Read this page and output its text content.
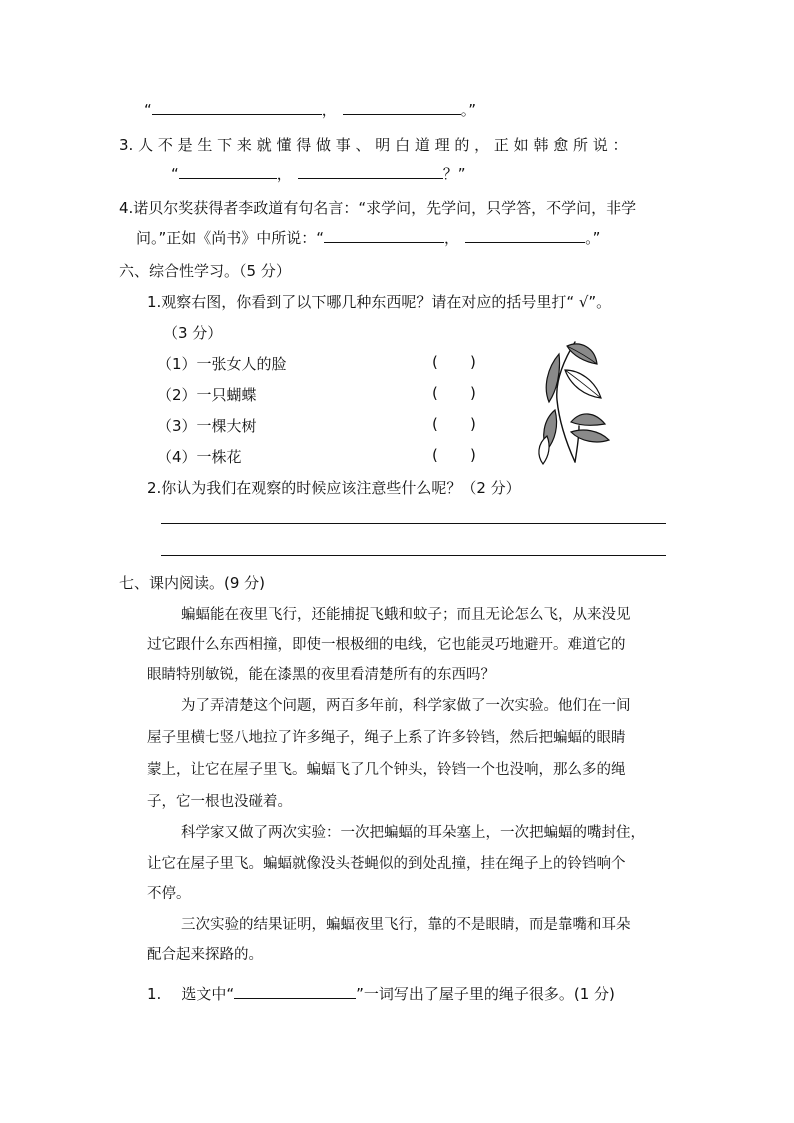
“	，	。”
3. 人 不 是 生 下 来 就 懂 得 做 事 、 明 白 道 理 的 ， 正 如 韩 愈 所 说 ：
“	，	？”
4.诺贝尔奖获得者李政道有句名言：“求学问，先学问，只学答，不学问，非学
问。”正如《尚书》中所说：“	，	。”
六、综合性学习。（5 分）
1.观察右图，你看到了以下哪几种东西呢？请在对应的括号里打“ √”。
（3 分）
（1）一张女人的脸	( )
（2）一只蝴蝶	( )
（3）一棵大树	( )
（4）一株花	( )
2.你认为我们在观察的时候应该注意些什么呢？（2 分）
七、课内阅读。(9 分)
蝙蝠能在夜里飞行，还能捕捉飞蛾和蚊子；而且无论怎么飞，从来没见
过它跟什么东西相撞，即使一根极细的电线，它也能灵巧地避开。难道它的
眼睛特别敏锐，能在漆黑的夜里看清楚所有的东西吗？
为了弄清楚这个问题，两百多年前，科学家做了一次实验。他们在一间
屋子里横七竖八地拉了许多绳子，绳子上系了许多铃铛，然后把蝙蝠的眼睛
蒙上，让它在屋子里飞。蝙蝠飞了几个钟头，铃铛一个也没响，那么多的绳
子，它一根也没碰着。
科学家又做了两次实验：一次把蝙蝠的耳朵塞上，一次把蝙蝠的嘴封住，
让它在屋子里飞。蝙蝠就像没头苍蝇似的到处乱撞，挂在绳子上的铃铛响个
不停。
三次实验的结果证明，蝙蝠夜里飞行，靠的不是眼睛，而是靠嘴和耳朵
配合起来探路的。
1. 选文中“	”一词写出了屋子里的绳子很多。(1 分)
